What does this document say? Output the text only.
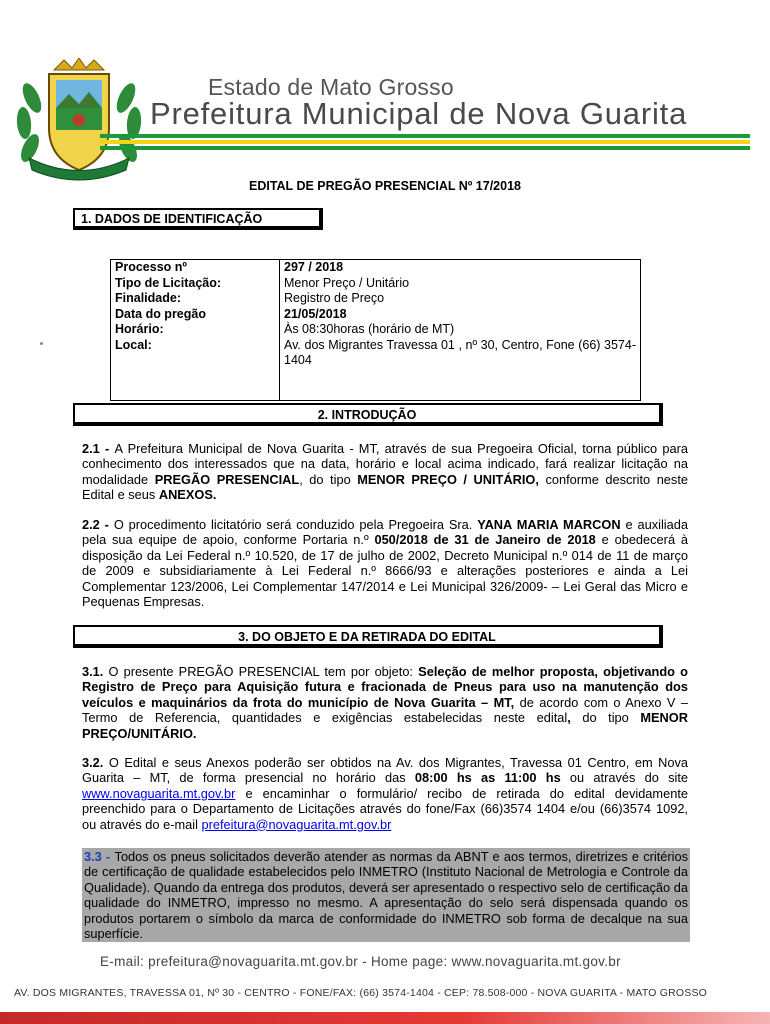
Estado de Mato Grosso
Prefeitura Municipal de Nova Guarita
EDITAL DE PREGÃO PRESENCIAL Nº 17/2018
1. DADOS DE IDENTIFICAÇÃO
Processo nº	297 / 2018
Tipo de Licitação:	Menor Preço / Unitário
Finalidade:	Registro de Preço
Data do pregão	21/05/2018
Horário:	Às 08:30horas (horário de MT)
Local:	Av. dos Migrantes Travessa 01 , nº 30, Centro, Fone (66) 3574-1404
2. INTRODUÇÃO
2.1 - A Prefeitura Municipal de Nova Guarita - MT, através de sua Pregoeira Oficial, torna público para conhecimento dos interessados que na data, horário e local acima indicado, fará realizar licitação na modalidade PREGÃO PRESENCIAL, do tipo MENOR PREÇO / UNITÁRIO, conforme descrito neste Edital e seus ANEXOS.
2.2 - O procedimento licitatório será conduzido pela Pregoeira Sra. YANA MARIA MARCON e auxiliada pela sua equipe de apoio, conforme Portaria n.º 050/2018 de 31 de Janeiro de 2018 e obedecerá à disposição da Lei Federal n.º 10.520, de 17 de julho de 2002, Decreto Municipal n.º 014 de 11 de março de 2009 e subsidiariamente à Lei Federal n.º 8666/93 e alterações posteriores e ainda a Lei Complementar 123/2006, Lei Complementar 147/2014 e Lei Municipal 326/2009- – Lei Geral das Micro e Pequenas Empresas.
3. DO OBJETO E DA RETIRADA DO EDITAL
3.1. O presente PREGÃO PRESENCIAL tem por objeto: Seleção de melhor proposta, objetivando o Registro de Preço para Aquisição futura e fracionada de Pneus para uso na manutenção dos veículos e maquinários da frota do município de Nova Guarita – MT, de acordo com o Anexo V – Termo de Referencia, quantidades e exigências estabelecidas neste edital, do tipo MENOR PREÇO/UNITÁRIO.
3.2. O Edital e seus Anexos poderão ser obtidos na Av. dos Migrantes, Travessa 01 Centro, em Nova Guarita – MT, de forma presencial no horário das 08:00 hs as 11:00 hs ou através do site www.novaguarita.mt.gov.br e encaminhar o formulário/ recibo de retirada do edital devidamente preenchido para o Departamento de Licitações através do fone/Fax (66)3574 1404 e/ou (66)3574 1092, ou através do e-mail prefeitura@novaguarita.mt.gov.br
3.3 - Todos os pneus solicitados deverão atender as normas da ABNT e aos termos, diretrizes e critérios de certificação de qualidade estabelecidos pelo INMETRO (Instituto Nacional de Metrologia e Controle da Qualidade). Quando da entrega dos produtos, deverá ser apresentado o respectivo selo de certificação da qualidade do INMETRO, impresso no mesmo. A apresentação do selo será dispensada quando os produtos portarem o símbolo da marca de conformidade do INMETRO sob forma de decalque na sua superfície.
E-mail: prefeitura@novaguarita.mt.gov.br - Home page: www.novaguarita.mt.gov.br
AV. DOS MIGRANTES, TRAVESSA 01, Nº 30 - CENTRO - FONE/FAX: (66) 3574-1404 - CEP: 78.508-000 - NOVA GUARITA - MATO GROSSO
